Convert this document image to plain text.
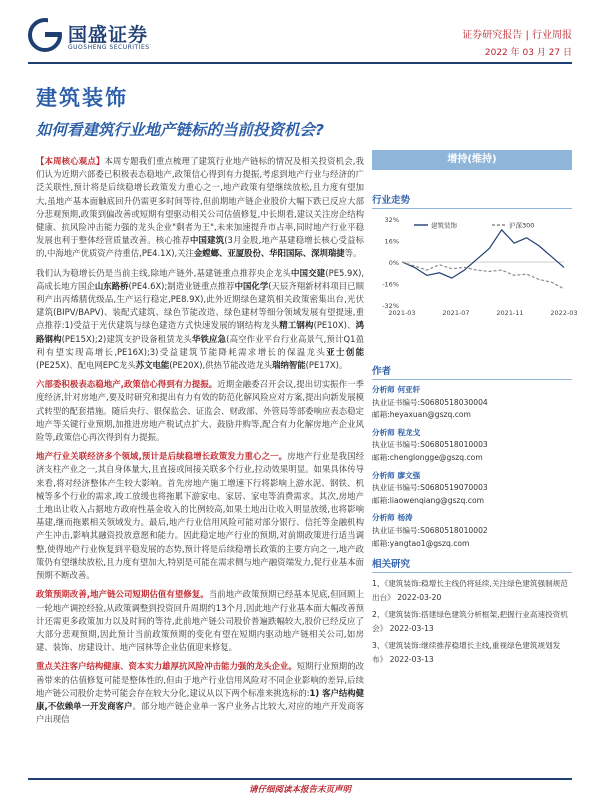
国盛证券
GUOSHENG SECURITIES
证券研究报告 | 行业周报
2022 年 03 月 27 日
建筑装饰
如何看建筑行业地产链标的当前投资机会?

【本周核心观点】本周专题我们重点梳理了建筑行业地产链标的情况及相关投资机会,我们认为近期六部委已积极表态稳地产,政策信心得到有力提振,考虑到地产行业与经济的广泛关联性,预计将是后续稳增长政策发力重心之一,地产政策有望继续放松,且力度有望加大,虽地产基本面触底回升仍需更多时间等待,但前期地产链企业股价大幅下跌已反应大部分悲观预期,政策到偏改善或短期有望驱动相关公司估值修复,中长期看,建议关注房企结构健康、抗风险冲击能力强的龙头企业"剩者为王",未来加速提升市占率,同时地产行业平稳发展也利于整体经营质量改善。核心推荐中国建筑(3月金股,地产基建稳增长核心受益标的,中海地产优质资产待重估,PE4.1X),关注金螳螂、亚厦股份、华阳国际、深圳瑞捷等。

我们认为稳增长仍是当前主线,除地产链外,基建链重点推荐央企龙头中国交建(PE5.9X),高成长地方国企山东路桥(PE4.6X);制造业链重点推荐中国化学(天辰齐翔新材料项目已顺利产出丙烯腈优级品,生产运行稳定,PE8.9X),此外近期绿色建筑相关政策密集出台,光伏建筑(BIPV/BAPV)、装配式建筑、绿色节能改造、绿色建材等细分领域发展有望提速,重点推荐:1)受益于光伏建筑与绿色建造方式快速发展的钢结构龙头精工钢构(PE10X)、鸿路钢构(PE15X);2)建筑支护设备租赁龙头华铁应急(高空作业平台行业高景气,预计Q1盈利有望实现高增长,PE16X);3)受益建筑节能降耗需求增长的保温龙头亚士创能(PE25X)、配电网EPC龙头苏文电能(PE20X),供热节能改造龙头瑞纳智能(PE17X)。

六部委积极表态稳地产,政策信心得到有力提振。近期金融委召开会议,提出切实振作一季度经济,针对房地产,要及时研究和提出有力有效的防范化解风险应对方案,提出向新发展模式转型的配套措施。随后央行、银保监会、证监会、财政部、外管局等部委响应表态稳定地产等关键行业预期,加推进房地产税试点扩大、鼓励并购等,配合有力化解房地产企业风险等,政策信心再次得到有力提振。

地产行业关联经济多个领域,预计是后续稳增长政策发力重心之一。房地产行业是我国经济支柱产业之一,其自身体量大,且直接或间接关联多个行业,拉动效果明显。如果具体传导来看,将对经济整体产生较大影响。首先房地产施工增速下行将影响上游水泥、钢铁、机械等多个行业的需求,竣工放缓也将拖累下游家电、家居、家电等消费需求。其次,房地产土地出让收入占据地方政府性基金收入的比例较高,如果土地出让收入明显放缓,也将影响基建,继而拖累相关领域发力。最后,地产行业信用风险可能对部分银行、信托等金融机构产生冲击,影响其融资投放意愿和能力。因此稳定地产行业的预期,对前期政策进行适当调整,使得地产行业恢复到平稳发展的态势,预计将是后续稳增长政策的主要方向之一,地产政策仍有望继续放松,且力度有望加大,特别是可能在需求侧与地产融资端发力,促行业基本面预期不断改善。

政策预期改善,地产链公司短期估值有望修复。当前地产政策预期已经基本见底,但回顾上一轮地产调控经验,从政策调整到投资回升周期约13个月,因此地产行业基本面大幅改善预计还需更多政策加力以及时间的等待,此前地产链公司股价普遍跌幅较大,股价已经反应了大部分悲观预期,因此预计当前政策预期的变化有望在短期内驱动地产链相关公司,如房建、装饰、房建设计、地产园林等企业估值迎来修复。

重点关注客户结构健康、资本实力雄厚抗风险冲击能力强的龙头企业。短期行业预期的改善带来的估值修复可能是整体性的,但由于地产行业信用风险对不同企业影响的差异,后续地产链公司股价走势可能会存在较大分化,建议从以下两个标准来挑选标的:1) 客户结构健康,不依赖单一开发商客户。部分地产链企业单一客户业务占比较大,对应的地产开发商客户出现信

增持(维持)
行业走势
32%
16%
0%
-16%
-32%
2021-03	2021-07	2021-11	2022-03
建筑装饰	沪深300
作者
分析师 何亚轩
执业证书编号:S0680518030004
邮箱:heyaxuan@gszq.com
分析师 程龙戈
执业证书编号:S0680518010003
邮箱:chenglongge@gszq.com
分析师 廖文强
执业证书编号:S0680519070003
邮箱:liaowenqiang@gszq.com
分析师 杨涛
执业证书编号:S0680518010002
邮箱:yangtao1@gszq.com
相关研究
1、《建筑装饰:稳增长主线仍将延续,关注绿色建筑强制规范出台》 2022-03-20
2、《建筑装饰:搭建绿色建筑分析框架,把握行业高速投资机会》 2022-03-13
3、《建筑装饰:继续推荐稳增长主线,重视绿色建筑规划发布》 2022-03-13
请仔细阅读本报告末页声明
